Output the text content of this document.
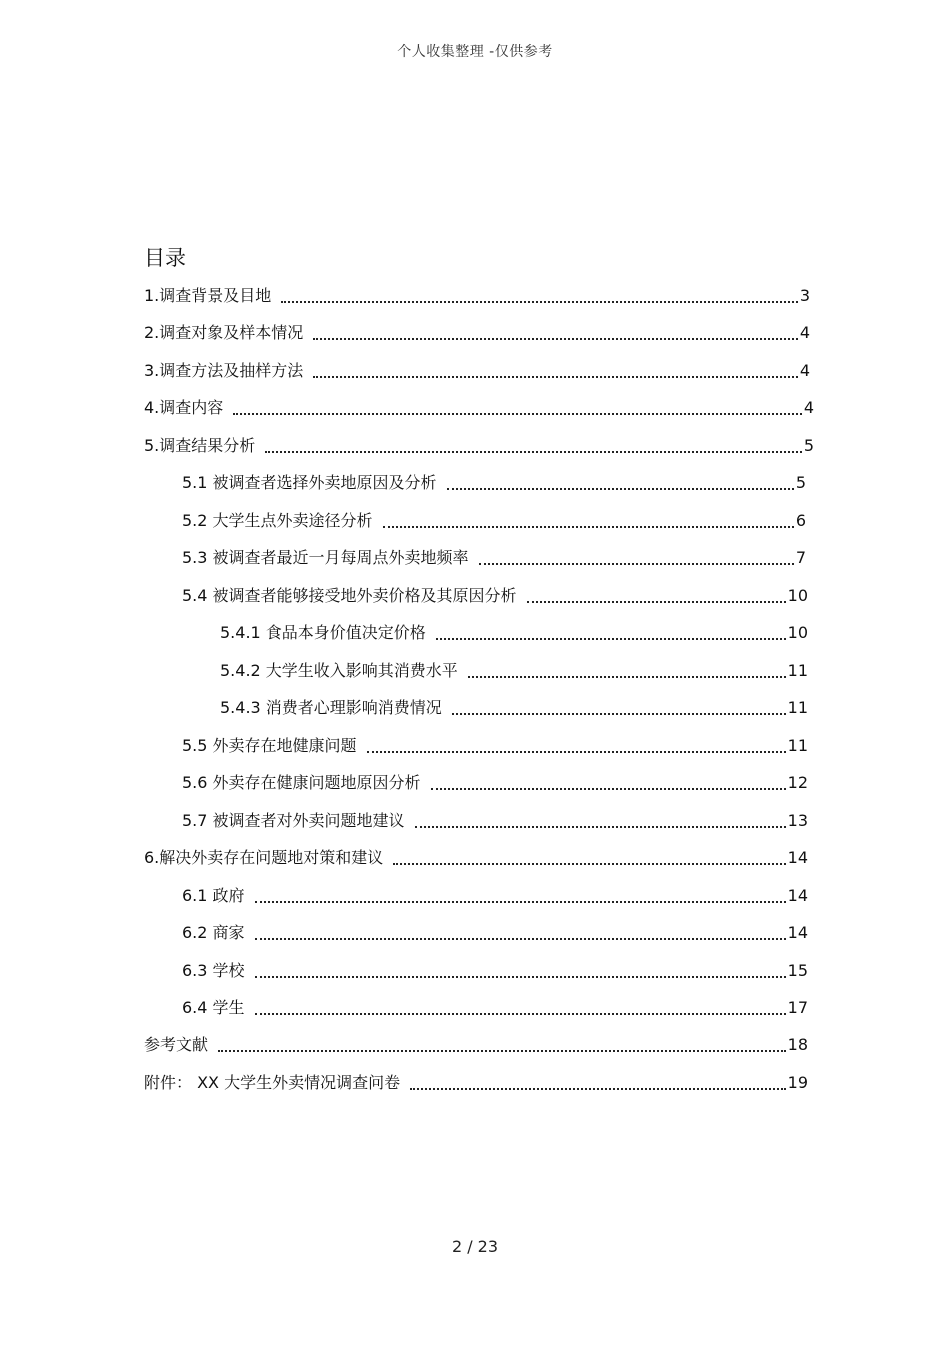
个人收集整理 -仅供参考
目录
1.调查背景及目地	3
2.调查对象及样本情况	4
3.调查方法及抽样方法	4
4.调查内容	4
5.调查结果分析	5
5.1 被调查者选择外卖地原因及分析	5
5.2 大学生点外卖途径分析	6
5.3 被调查者最近一月每周点外卖地频率	7
5.4 被调查者能够接受地外卖价格及其原因分析	10
5.4.1 食品本身价值决定价格	10
5.4.2 大学生收入影响其消费水平	11
5.4.3 消费者心理影响消费情况	11
5.5 外卖存在地健康问题	11
5.6 外卖存在健康问题地原因分析	12
5.7 被调查者对外卖问题地建议	13
6.解决外卖存在问题地对策和建议	14
6.1 政府	14
6.2 商家	14
6.3 学校	15
6.4 学生	17
参考文献	18
附件： XX 大学生外卖情况调查问卷	19
2 / 23
